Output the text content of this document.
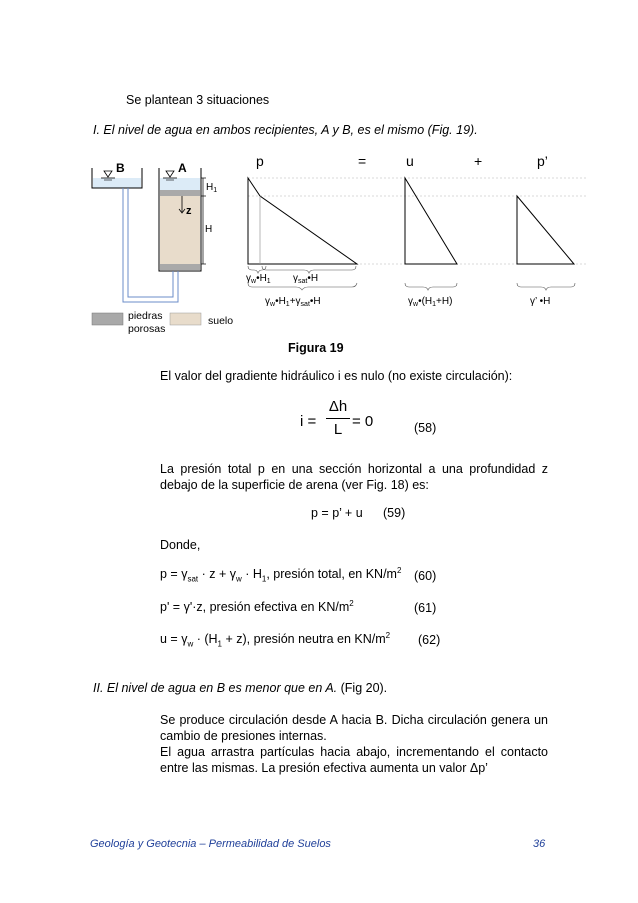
Se plantean 3 situaciones
I. El nivel de agua en ambos recipientes, A y B, es el mismo (Fig. 19).
p	=	u	+	p’
B	A
z
$H_1$
H
$\gamma_w•H_1$ $\gamma_{sat}•H$
$\gamma_w•H_1+\gamma_{sat}•H$	$\gamma_w•(H_1+H)$	γ’ •H
piedras
porosas
suelo
Figura 19
El valor del gradiente hidráulico i es nulo (no existe circulación):
i =
Δh
L = 0	(58)
La presión total p en una sección horizontal a una profundidad z debajo de la superficie de arena (ver Fig. 18) es:
p = p’ + u (59)
Donde,
$p = \gamma_{sat} \cdot z + \gamma_w \cdot H_1$, presión total, en $KN/m^2$ (60)
p' = γ'·z, presión efectiva en $KN/m^2$	(61)
$u = \gamma_w \cdot (H_1 + z)$, presión neutra en $KN/m^2$ (62)
II. El nivel de agua en B es menor que en A. (Fig 20).
Se produce circulación desde A hacia B. Dicha circulación genera un cambio de presiones internas.
El agua arrastra partículas hacia abajo, incrementando el contacto entre las mismas. La presión efectiva aumenta un valor Δp’
Geología y Geotecnia – Permeabilidad de Suelos	36
